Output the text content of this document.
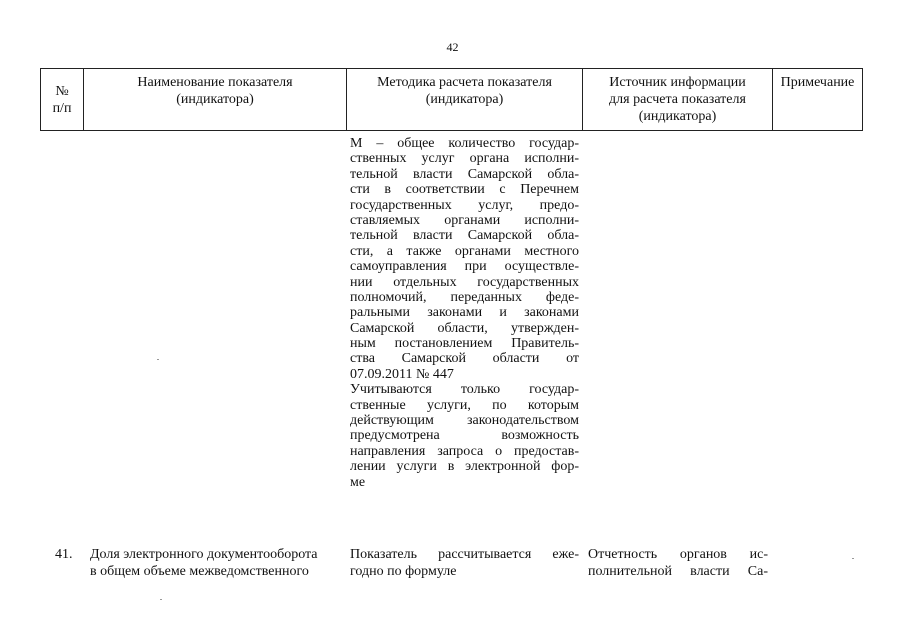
42
№
п/п
Наименование показателя
(индикатора)
Методика расчета показателя
(индикатора)
Источник информации
для расчета показателя
(индикатора)
Примечание
М – общее количество государ-
ственных услуг органа исполни-
тельной власти Самарской обла-
сти в соответствии с Перечнем
государственных услуг, предо-
ставляемых органами исполни-
тельной власти Самарской обла-
сти, а также органами местного
самоуправления при осуществле-
нии отдельных государственных
полномочий, переданных феде-
ральными законами и законами
Самарской области, утвержден-
ным постановлением Правитель-
ства Самарской области от
07.09.2011 № 447
Учитываются только государ-
ственные услуги, по которым
действующим законодательством
предусмотрена возможность
направления запроса о предостав-
лении услуги в электронной фор-
ме
41. Доля электронного документооборота
в общем объеме межведомственного
Показатель рассчитывается еже-
годно по формуле
Отчетность органов ис-
полнительной власти Са-
